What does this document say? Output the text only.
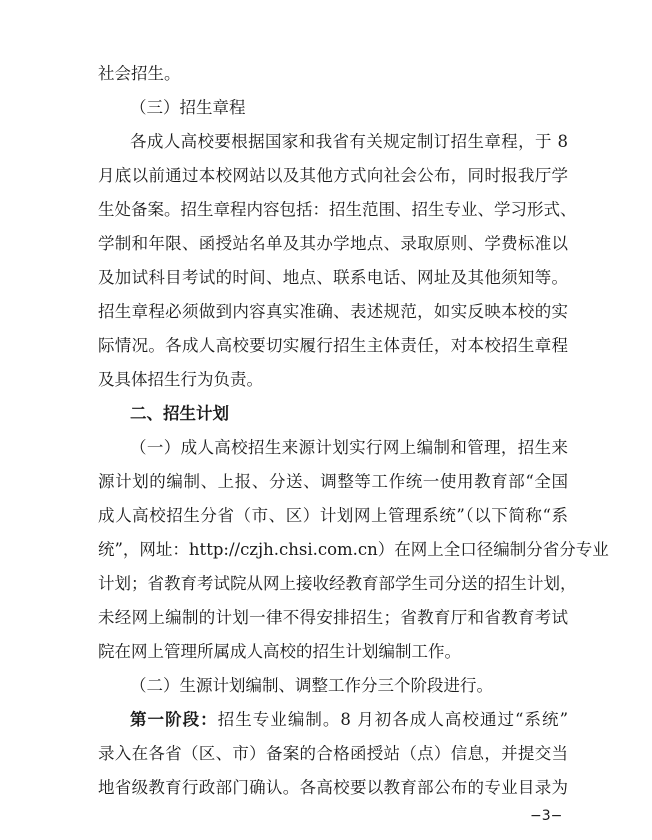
社会招生。
（三）招生章程
各成人高校要根据国家和我省有关规定制订招生章程，于 8
月底以前通过本校网站以及其他方式向社会公布，同时报我厅学
生处备案。招生章程内容包括：招生范围、招生专业、学习形式、
学制和年限、函授站名单及其办学地点、录取原则、学费标准以
及加试科目考试的时间、地点、联系电话、网址及其他须知等。
招生章程必须做到内容真实准确、表述规范，如实反映本校的实
际情况。各成人高校要切实履行招生主体责任，对本校招生章程
及具体招生行为负责。
二、招生计划
（一）成人高校招生来源计划实行网上编制和管理，招生来
源计划的编制、上报、分送、调整等工作统一使用教育部“全国
成人高校招生分省（市、区）计划网上管理系统”（以下简称“系
统”，网址：http://czjh.chsi.com.cn）在网上全口径编制分省分专业
计划；省教育考试院从网上接收经教育部学生司分送的招生计划，
未经网上编制的计划一律不得安排招生；省教育厅和省教育考试
院在网上管理所属成人高校的招生计划编制工作。
（二）生源计划编制、调整工作分三个阶段进行。
第一阶段：招生专业编制。8 月初各成人高校通过“系统”
录入在各省（区、市）备案的合格函授站（点）信息，并提交当
地省级教育行政部门确认。各高校要以教育部公布的专业目录为
−3−
